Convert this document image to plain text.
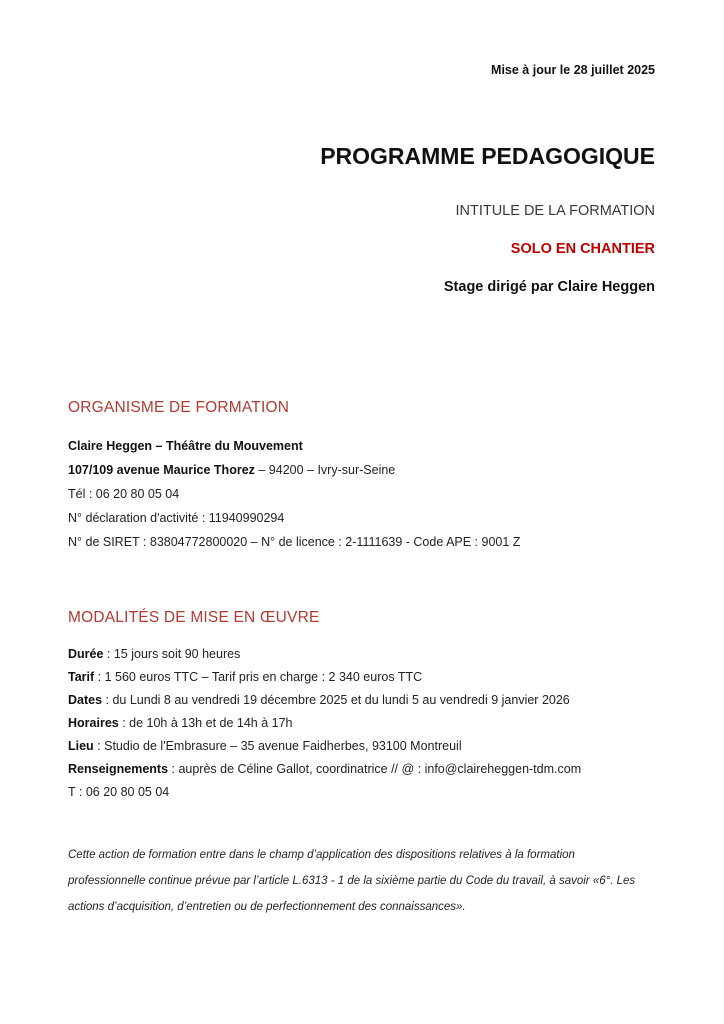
Mise à jour le 28 juillet 2025

PROGRAMME PEDAGOGIQUE

INTITULE DE LA FORMATION

SOLO EN CHANTIER

Stage dirigé par Claire Heggen

ORGANISME DE FORMATION

Claire Heggen – Théâtre du Mouvement

107/109 avenue Maurice Thorez – 94200 – Ivry-sur-Seine

Tél : 06 20 80 05 04

N° déclaration d'activité : 11940990294

N° de SIRET : 83804772800020 – N° de licence : 2-1111639 - Code APE : 9001 Z

MODALITÉS DE MISE EN ŒUVRE

Durée : 15 jours soit 90 heures

Tarif : 1 560 euros TTC – Tarif pris en charge : 2 340 euros TTC

Dates : du Lundi 8 au vendredi 19 décembre 2025 et du lundi 5 au vendredi 9 janvier 2026

Horaires : de 10h à 13h et de 14h à 17h

Lieu : Studio de l'Embrasure – 35 avenue Faidherbes, 93100 Montreuil

Renseignements : auprès de Céline Gallot, coordinatrice // @ : info@claireheggen-tdm.com

T : 06 20 80 05 04

Cette action de formation entre dans le champ d’application des dispositions relatives à la formation professionnelle continue prévue par l’article L.6313 - 1 de la sixième partie du Code du travail, à savoir «6°. Les actions d’acquisition, d’entretien ou de perfectionnement des connaissances».
